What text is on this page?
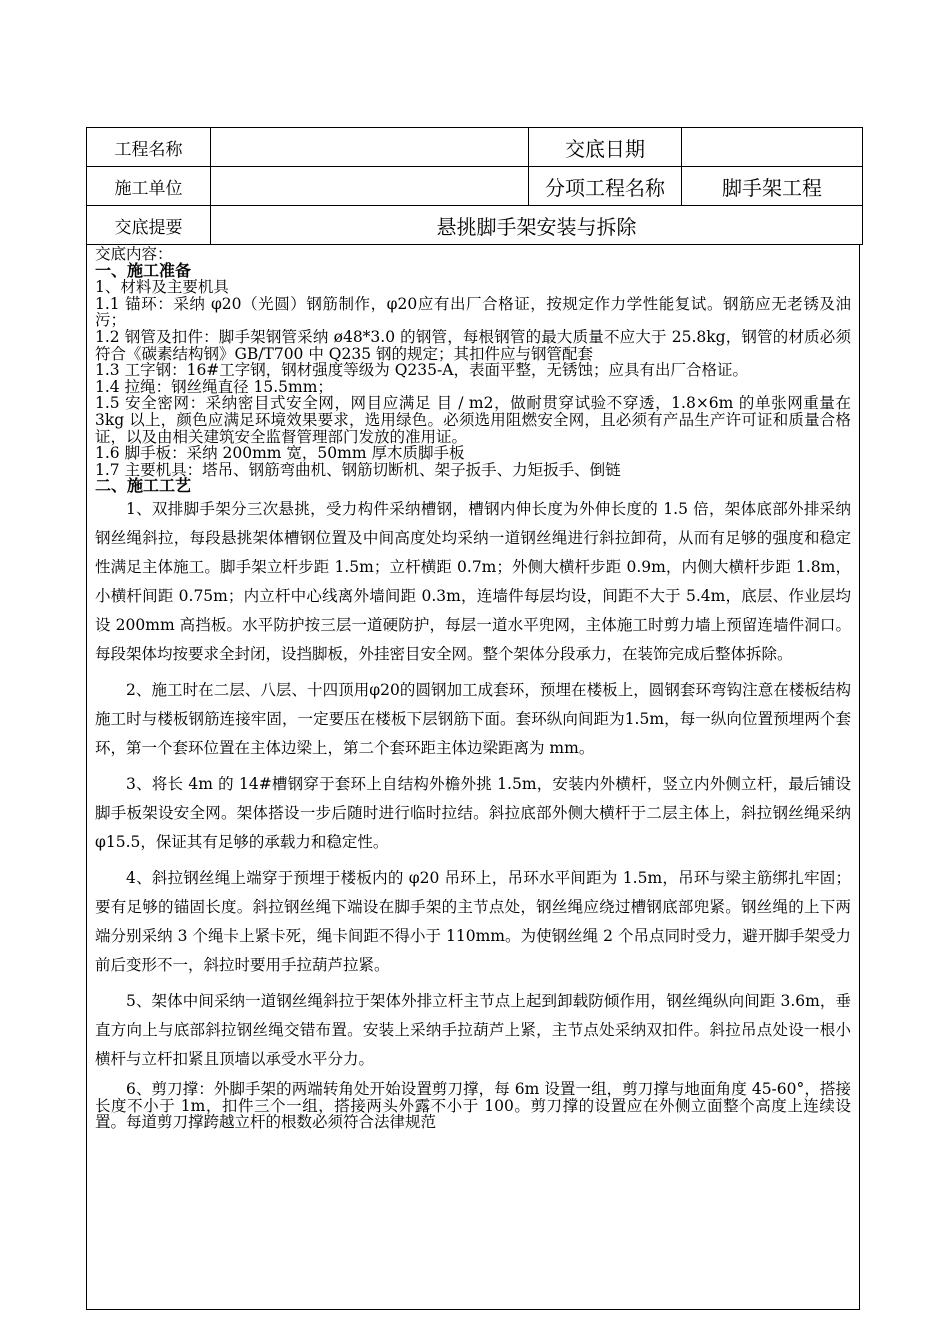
工程名称		交底日期	
施工单位		分项工程名称	脚手架工程
交底提要	悬挑脚手架安装与拆除		

交底内容：

一、施工准备

1、材料及主要机具

1.1 锚环：采纳 φ20（光圆）钢筋制作，φ20应有出厂合格证，按规定作力学性能复试。钢筋应无老锈及油污；

1.2 钢管及扣件：脚手架钢管采纳 ø48*3.0 的钢管，每根钢管的最大质量不应大于 25.8kg，钢管的材质必须符合《碳素结构钢》GB/T700 中 Q235 钢的规定；其扣件应与钢管配套

1.3 工字钢：16#工字钢，钢材强度等级为 Q235-A，表面平整，无锈蚀；应具有出厂合格证。

1.4 拉绳：钢丝绳直径 15.5mm；

1.5 安全密网：采纳密目式安全网，网目应满足 目 / m2，做耐贯穿试验不穿透，1.8×6m 的单张网重量在 3kg 以上，颜色应满足环境效果要求，选用绿色。必须选用阻燃安全网，且必须有产品生产许可证和质量合格证，以及由相关建筑安全监督管理部门发放的准用证。

1.6 脚手板：采纳 200mm 宽，50mm 厚木质脚手板

1.7 主要机具：塔吊、钢筋弯曲机、钢筋切断机、架子扳手、力矩扳手、倒链

二、施工工艺

1、双排脚手架分三次悬挑，受力构件采纳槽钢，槽钢内伸长度为外伸长度的 1.5 倍，架体底部外排采纳钢丝绳斜拉，每段悬挑架体槽钢位置及中间高度处均采纳一道钢丝绳进行斜拉卸荷，从而有足够的强度和稳定性满足主体施工。脚手架立杆步距 1.5m；立杆横距 0.7m；外侧大横杆步距 0.9m，内侧大横杆步距 1.8m，小横杆间距 0.75m；内立杆中心线离外墙间距 0.3m，连墙件每层均设，间距不大于 5.4m，底层、作业层均设 200mm 高挡板。水平防护按三层一道硬防护，每层一道水平兜网，主体施工时剪力墙上预留连墙件洞口。每段架体均按要求全封闭，设挡脚板，外挂密目安全网。整个架体分段承力，在装饰完成后整体拆除。

2、施工时在二层、八层、十四顶用φ20的圆钢加工成套环，预埋在楼板上，圆钢套环弯钩注意在楼板结构施工时与楼板钢筋连接牢固，一定要压在楼板下层钢筋下面。套环纵向间距为1.5m，每一纵向位置预埋两个套环，第一个套环位置在主体边梁上，第二个套环距主体边梁距离为 mm。

3、将长 4m 的 14#槽钢穿于套环上自结构外檐外挑 1.5m，安装内外横杆，竖立内外侧立杆，最后铺设脚手板架设安全网。架体搭设一步后随时进行临时拉结。斜拉底部外侧大横杆于二层主体上，斜拉钢丝绳采纳 φ15.5，保证其有足够的承载力和稳定性。

4、斜拉钢丝绳上端穿于预埋于楼板内的 φ20 吊环上，吊环水平间距为 1.5m，吊环与梁主筋绑扎牢固；要有足够的锚固长度。斜拉钢丝绳下端设在脚手架的主节点处，钢丝绳应绕过槽钢底部兜紧。钢丝绳的上下两端分别采纳 3 个绳卡上紧卡死，绳卡间距不得小于 110mm。为使钢丝绳 2 个吊点同时受力，避开脚手架受力前后变形不一，斜拉时要用手拉葫芦拉紧。

5、架体中间采纳一道钢丝绳斜拉于架体外排立杆主节点上起到卸载防倾作用，钢丝绳纵向间距 3.6m，垂直方向上与底部斜拉钢丝绳交错布置。安装上采纳手拉葫芦上紧，主节点处采纳双扣件。斜拉吊点处设一根小横杆与立杆扣紧且顶墙以承受水平分力。

6、剪刀撑：外脚手架的两端转角处开始设置剪刀撑，每 6m 设置一组，剪刀撑与地面角度 45-60°，搭接长度不小于 1m，扣件三个一组，搭接两头外露不小于 100。剪刀撑的设置应在外侧立面整个高度上连续设置。每道剪刀撑跨越立杆的根数必须符合法律规范
